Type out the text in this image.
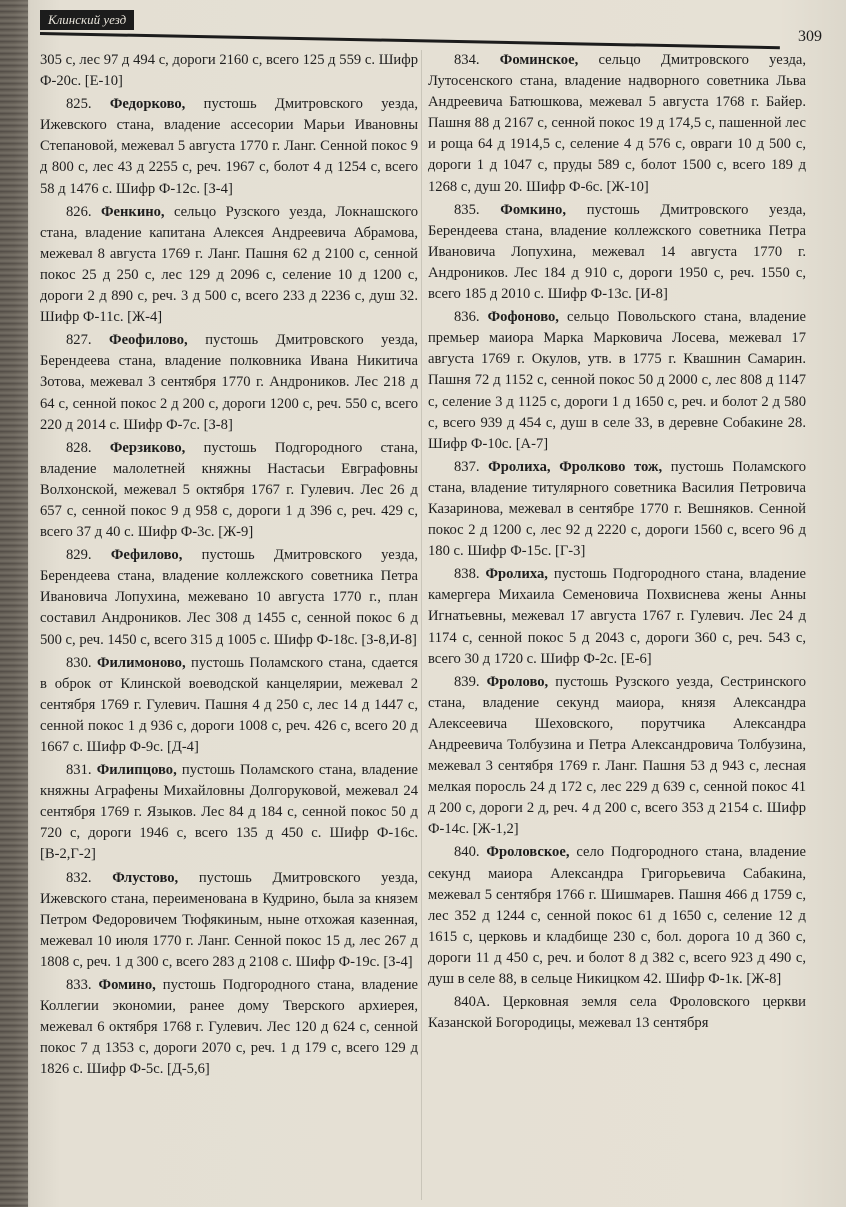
Клинский уезд
309

305 с, лес 97 д 494 с, дороги 2160 с, всего 125 д 559 с. Шифр Ф-20с. [Е-10]

825. Федорково, пустошь Дмитровского уезда, Ижевского стана, владение ассесории Марьи Ивановны Степановой, межевал 5 августа 1770 г. Ланг. Сенной покос 9 д 800 с, лес 43 д 2255 с, реч. 1967 с, болот 4 д 1254 с, всего 58 д 1476 с. Шифр Ф-12с. [З-4]

826. Фенкино, сельцо Рузского уезда, Локнашского стана, владение капитана Алексея Андреевича Абрамова, межевал 8 августа 1769 г. Ланг. Пашня 62 д 2100 с, сенной покос 25 д 250 с, лес 129 д 2096 с, селение 10 д 1200 с, дороги 2 д 890 с, реч. 3 д 500 с, всего 233 д 2236 с, душ 32. Шифр Ф-11с. [Ж-4]

827. Феофилово, пустошь Дмитровского уезда, Берендеева стана, владение полковника Ивана Никитича Зотова, межевал 3 сентября 1770 г. Андроников. Лес 218 д 64 с, сенной покос 2 д 200 с, дороги 1200 с, реч. 550 с, всего 220 д 2014 с. Шифр Ф-7с. [З-8]

828. Ферзиково, пустошь Подгородного стана, владение малолетней княжны Настасьи Евграфовны Волхонской, межевал 5 октября 1767 г. Гулевич. Лес 26 д 657 с, сенной покос 9 д 958 с, дороги 1 д 396 с, реч. 429 с, всего 37 д 40 с. Шифр Ф-3с. [Ж-9]

829. Фефилово, пустошь Дмитровского уезда, Берендеева стана, владение коллежского советника Петра Ивановича Лопухина, межевано 10 августа 1770 г., план составил Андроников. Лес 308 д 1455 с, сенной покос 6 д 500 с, реч. 1450 с, всего 315 д 1005 с. Шифр Ф-18с. [З-8,И-8]

830. Филимоново, пустошь Поламского стана, сдается в оброк от Клинской воеводской канцелярии, межевал 2 сентября 1769 г. Гулевич. Пашня 4 д 250 с, лес 14 д 1447 с, сенной покос 1 д 936 с, дороги 1008 с, реч. 426 с, всего 20 д 1667 с. Шифр Ф-9с. [Д-4]

831. Филипцово, пустошь Поламского стана, владение княжны Аграфены Михайловны Долгоруковой, межевал 24 сентября 1769 г. Языков. Лес 84 д 184 с, сенной покос 50 д 720 с, дороги 1946 с, всего 135 д 450 с. Шифр Ф-16с. [В-2,Г-2]

832. Флустово, пустошь Дмитровского уезда, Ижевского стана, переименована в Кудрино, была за князем Петром Федоровичем Тюфякиным, ныне отхожая казенная, межевал 10 июля 1770 г. Ланг. Сенной покос 15 д, лес 267 д 1808 с, реч. 1 д 300 с, всего 283 д 2108 с. Шифр Ф-19с. [З-4]

833. Фомино, пустошь Подгородного стана, владение Коллегии экономии, ранее дому Тверского архиерея, межевал 6 октября 1768 г. Гулевич. Лес 120 д 624 с, сенной покос 7 д 1353 с, дороги 2070 с, реч. 1 д 179 с, всего 129 д 1826 с. Шифр Ф-5с. [Д-5,6]

834. Фоминское, сельцо Дмитровского уезда, Лутосенского стана, владение надворного советника Льва Андреевича Батюшкова, межевал 5 августа 1768 г. Байер. Пашня 88 д 2167 с, сенной покос 19 д 174,5 с, пашенной лес и роща 64 д 1914,5 с, селение 4 д 576 с, овраги 10 д 500 с, дороги 1 д 1047 с, пруды 589 с, болот 1500 с, всего 189 д 1268 с, душ 20. Шифр Ф-6с. [Ж-10]

835. Фомкино, пустошь Дмитровского уезда, Берендеева стана, владение коллежского советника Петра Ивановича Лопухина, межевал 14 августа 1770 г. Андроников. Лес 184 д 910 с, дороги 1950 с, реч. 1550 с, всего 185 д 2010 с. Шифр Ф-13с. [И-8]

836. Фофоново, сельцо Повольского стана, владение премьер маиора Марка Марковича Лосева, межевал 17 августа 1769 г. Окулов, утв. в 1775 г. Квашнин Самарин. Пашня 72 д 1152 с, сенной покос 50 д 2000 с, лес 808 д 1147 с, селение 3 д 1125 с, дороги 1 д 1650 с, реч. и болот 2 д 580 с, всего 939 д 454 с, душ в селе 33, в деревне Собакине 28. Шифр Ф-10с. [А-7]

837. Фролиха, Фролково тож, пустошь Поламского стана, владение титулярного советника Василия Петровича Казаринова, межевал в сентябре 1770 г. Вешняков. Сенной покос 2 д 1200 с, лес 92 д 2220 с, дороги 1560 с, всего 96 д 180 с. Шифр Ф-15с. [Г-3]

838. Фролиха, пустошь Подгородного стана, владение камергера Михаила Семеновича Похвиснева жены Анны Игнатьевны, межевал 17 августа 1767 г. Гулевич. Лес 24 д 1174 с, сенной покос 5 д 2043 с, дороги 360 с, реч. 543 с, всего 30 д 1720 с. Шифр Ф-2с. [Е-6]

839. Фролово, пустошь Рузского уезда, Сестринского стана, владение секунд маиора, князя Александра Алексеевича Шеховского, порутчика Александра Андреевича Толбузина и Петра Александровича Толбузина, межевал 3 сентября 1769 г. Ланг. Пашня 53 д 943 с, лесная мелкая поросль 24 д 172 с, лес 229 д 639 с, сенной покос 41 д 200 с, дороги 2 д, реч. 4 д 200 с, всего 353 д 2154 с. Шифр Ф-14с. [Ж-1,2]

840. Фроловское, село Подгородного стана, владение секунд маиора Александра Григорьевича Сабакина, межевал 5 сентября 1766 г. Шишмарев. Пашня 466 д 1759 с, лес 352 д 1244 с, сенной покос 61 д 1650 с, селение 12 д 1615 с, церковь и кладбище 230 с, бол. дорога 10 д 360 с, дороги 11 д 450 с, реч. и болот 8 д 382 с, всего 923 д 490 с, душ в селе 88, в сельце Никицком 42. Шифр Ф-1к. [Ж-8]

840А. Церковная земля села Фроловского церкви Казанской Богородицы, межевал 13 сентября
